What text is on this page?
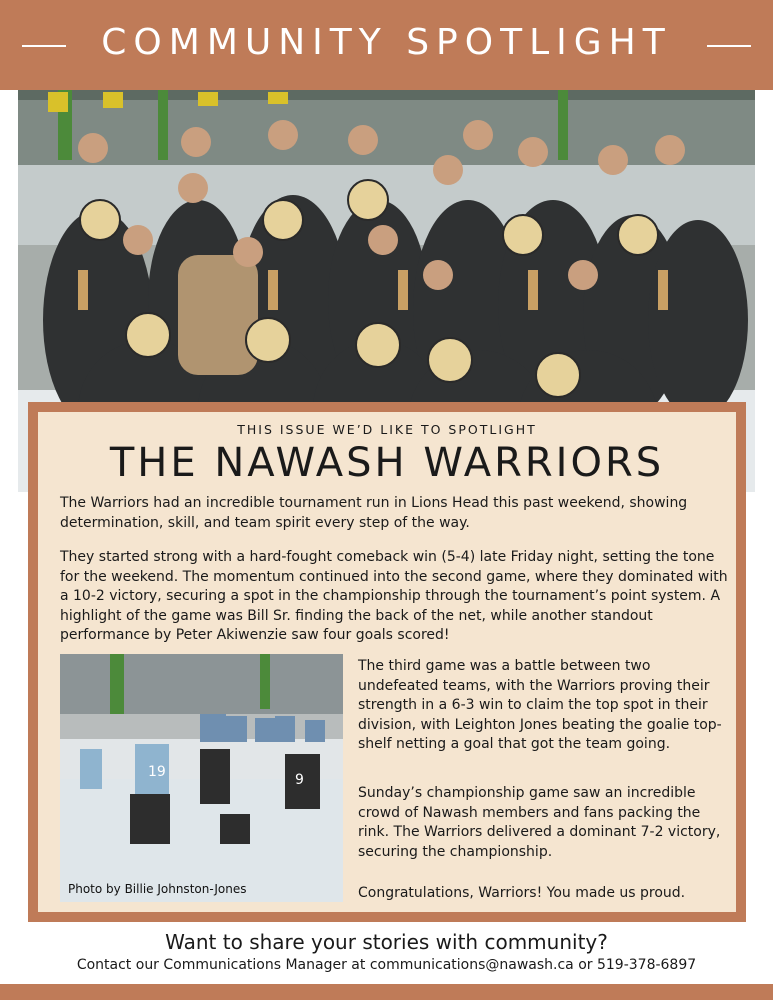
COMMUNITY SPOTLIGHT
THIS ISSUE WE’D LIKE TO SPOTLIGHT
THE NAWASH WARRIORS
The Warriors had an incredible tournament run in Lions Head this past weekend, showing determination, skill, and team spirit every step of the way.
They started strong with a hard-fought comeback win (5-4) late Friday night, setting the tone for the weekend. The momentum continued into the second game, where they dominated with a 10-2 victory, securing a spot in the championship through the tournament’s point system. A highlight of the game was Bill Sr. finding the back of the net, while another standout performance by Peter Akiwenzie saw four goals scored!
19	9
Photo by Billie Johnston-Jones
The third game was a battle between two undefeated teams, with the Warriors proving their strength in a 6-3 win to claim the top spot in their division, with Leighton Jones beating the goalie top-shelf netting a goal that got the team going.
Sunday’s championship game saw an incredible crowd of Nawash members and fans packing the rink. The Warriors delivered a dominant 7-2 victory, securing the championship.
Congratulations, Warriors! You made us proud.
Want to share your stories with community?
Contact our Communications Manager at communications@nawash.ca or 519-378-6897
